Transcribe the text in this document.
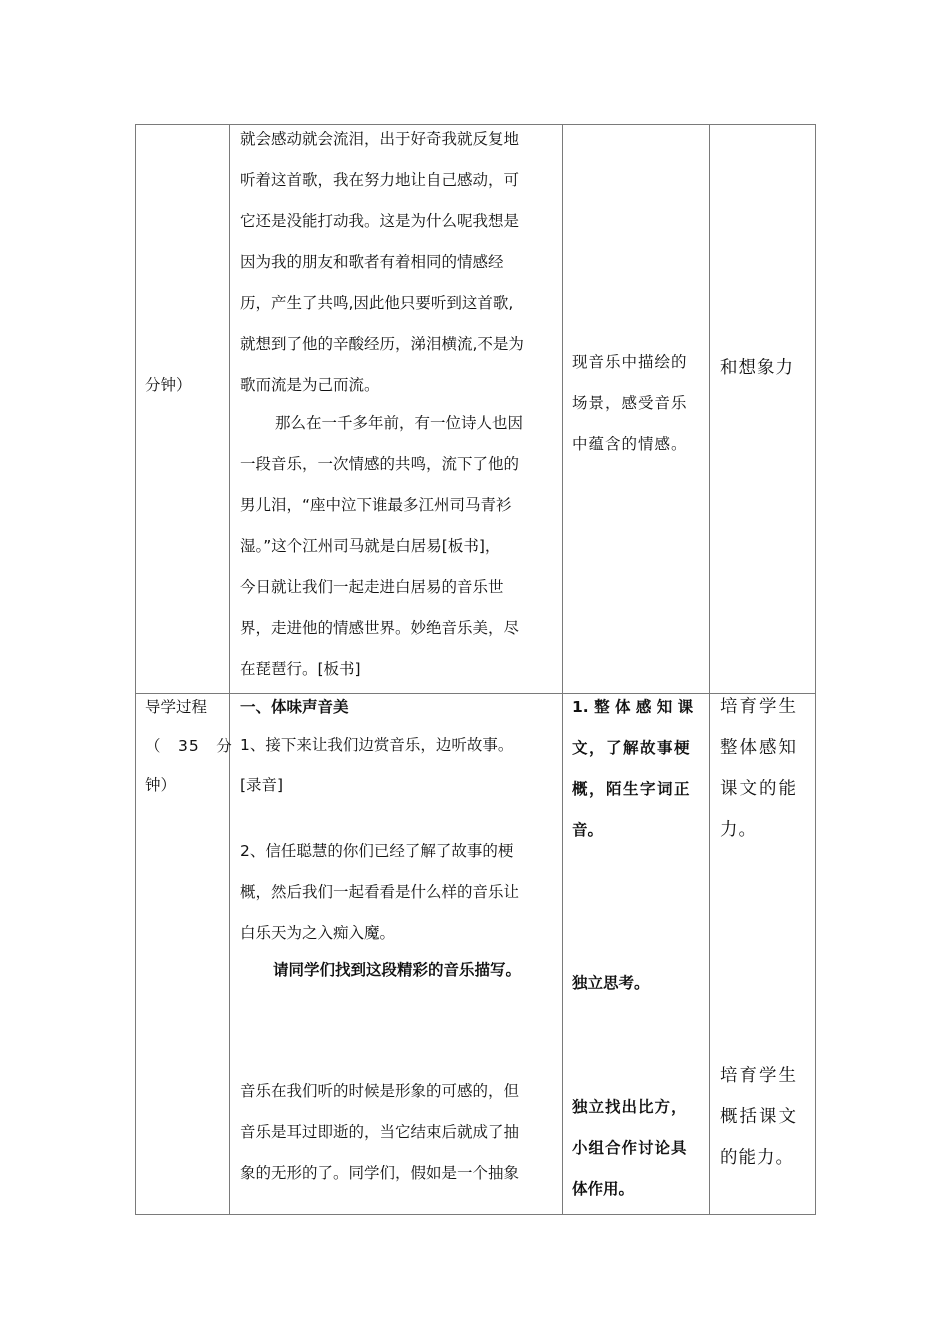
分钟）
就会感动就会流泪，出于好奇我就反复地
听着这首歌，我在努力地让自己感动，可
它还是没能打动我。这是为什么呢我想是
因为我的朋友和歌者有着相同的情感经
历，产生了共鸣,因此他只要听到这首歌,
就想到了他的辛酸经历，涕泪横流,不是为
歌而流是为己而流。
那么在一千多年前，有一位诗人也因
一段音乐，一次情感的共鸣，流下了他的
男儿泪，“座中泣下谁最多江州司马青衫
湿。”这个江州司马就是白居易[板书]，
今日就让我们一起走进白居易的音乐世
界，走进他的情感世界。妙绝音乐美，尽
在琵琶行。[板书]
现音乐中描绘的
场景，感受音乐
中蕴含的情感。
和想象力
导学过程
（　35　分
钟）
一、体味声音美
1、接下来让我们边赏音乐，边听故事。
[录音]
2、信任聪慧的你们已经了解了故事的梗
概，然后我们一起看看是什么样的音乐让
白乐天为之入痴入魔。
请同学们找到这段精彩的音乐描写。
音乐在我们听的时候是形象的可感的，但
音乐是耳过即逝的，当它结束后就成了抽
象的无形的了。同学们，假如是一个抽象
1. 整 体 感 知 课
文，了解故事梗
概，陌生字词正
音。
独立思考。
独立找出比方，
小组合作讨论具
体作用。
培育学生
整体感知
课文的能
力。
培育学生
概括课文
的能力。
